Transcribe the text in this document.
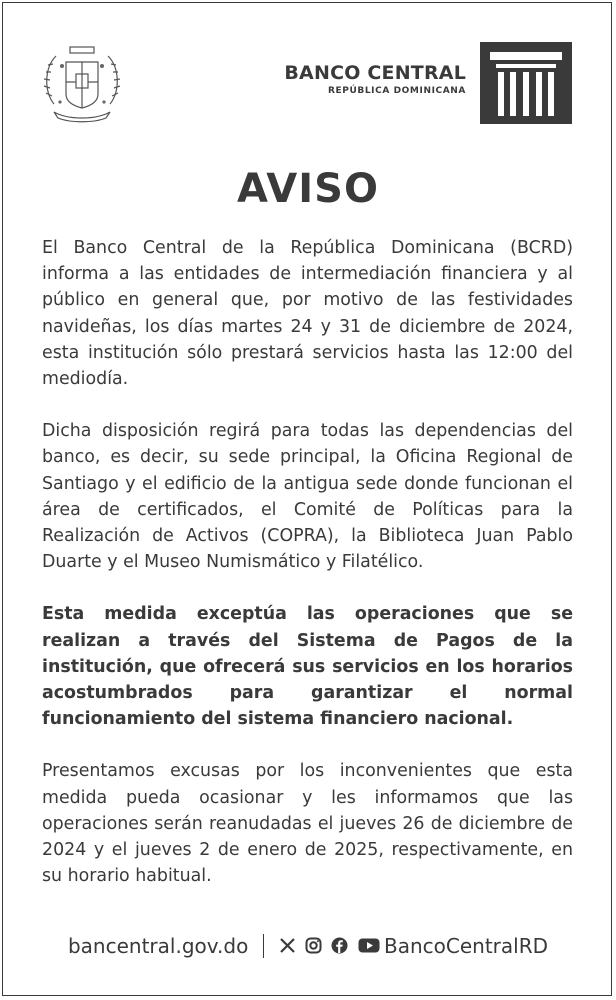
BANCO CENTRAL
REPÚBLICA DOMINICANA
AVISO

El Banco Central de la República Dominicana (BCRD) informa a las entidades de intermediación financiera y al público en general que, por motivo de las festividades navideñas, los días martes 24 y 31 de diciembre de 2024, esta institución sólo prestará servicios hasta las 12:00 del mediodía.

Dicha disposición regirá para todas las dependencias del banco, es decir, su sede principal, la Oficina Regional de Santiago y el edificio de la antigua sede donde funcionan el área de certificados, el Comité de Políticas para la Realización de Activos (COPRA), la Biblioteca Juan Pablo Duarte y el Museo Numismático y Filatélico.

Esta medida exceptúa las operaciones que se realizan a través del Sistema de Pagos de la institución, que ofrecerá sus servicios en los horarios acostumbrados para garantizar el normal funcionamiento del sistema financiero nacional.

Presentamos excusas por los inconvenientes que esta medida pueda ocasionar y les informamos que las operaciones serán reanudadas el jueves 26 de diciembre de 2024 y el jueves 2 de enero de 2025, respectivamente, en su horario habitual.

bancentral.gov.do

	BancoCentralRD
